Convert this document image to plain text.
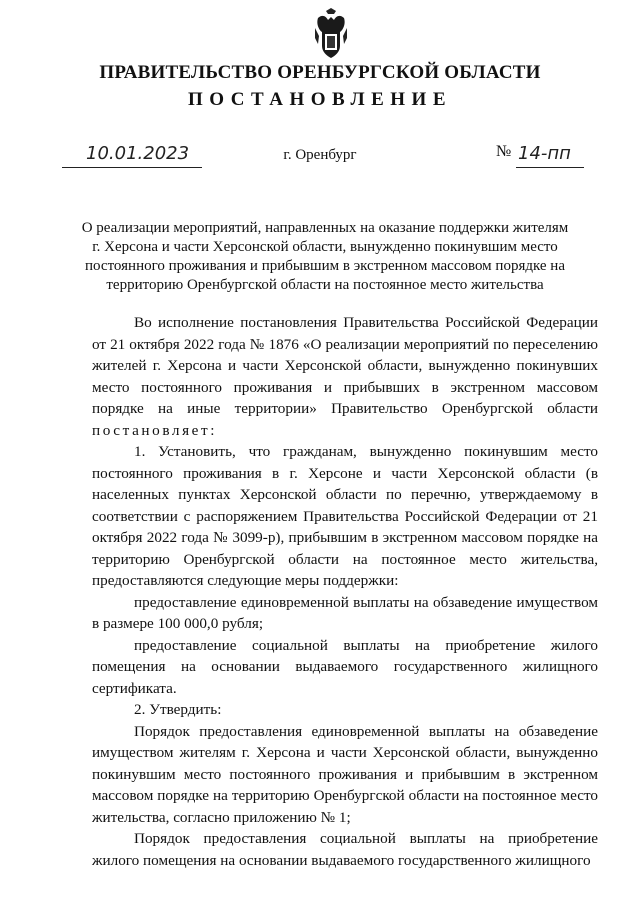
ПРАВИТЕЛЬСТВО ОРЕНБУРГСКОЙ ОБЛАСТИ
ПОСТАНОВЛЕНИЕ
10.01.2023	г. Оренбург	№ 14-пп

О реализации мероприятий, направленных на оказание поддержки жителям г. Херсона и части Херсонской области, вынужденно покинувшим место постоянного проживания и прибывшим в экстренном массовом порядке на территорию Оренбургской области на постоянное место жительства

Во исполнение постановления Правительства Российской Федерации от 21 октября 2022 года № 1876 «О реализации мероприятий по переселению жителей г. Херсона и части Херсонской области, вынужденно покинувших место постоянного проживания и прибывших в экстренном массовом порядке на иные территории» Правительство Оренбургской области постановляет:

1. Установить, что гражданам, вынужденно покинувшим место постоянного проживания в г. Херсоне и части Херсонской области (в населенных пунктах Херсонской области по перечню, утверждаемому в соответствии с распоряжением Правительства Российской Федерации от 21 октября 2022 года № 3099-р), прибывшим в экстренном массовом порядке на территорию Оренбургской области на постоянное место жительства, предоставляются следующие меры поддержки:

предоставление единовременной выплаты на обзаведение имуществом в размере 100 000,0 рубля;

предоставление социальной выплаты на приобретение жилого помещения на основании выдаваемого государственного жилищного сертификата.

2. Утвердить:

Порядок предоставления единовременной выплаты на обзаведение имуществом жителям г. Херсона и части Херсонской области, вынужденно покинувшим место постоянного проживания и прибывшим в экстренном массовом порядке на территорию Оренбургской области на постоянное место жительства, согласно приложению № 1;

Порядок предоставления социальной выплаты на приобретение жилого помещения на основании выдаваемого государственного жилищного
